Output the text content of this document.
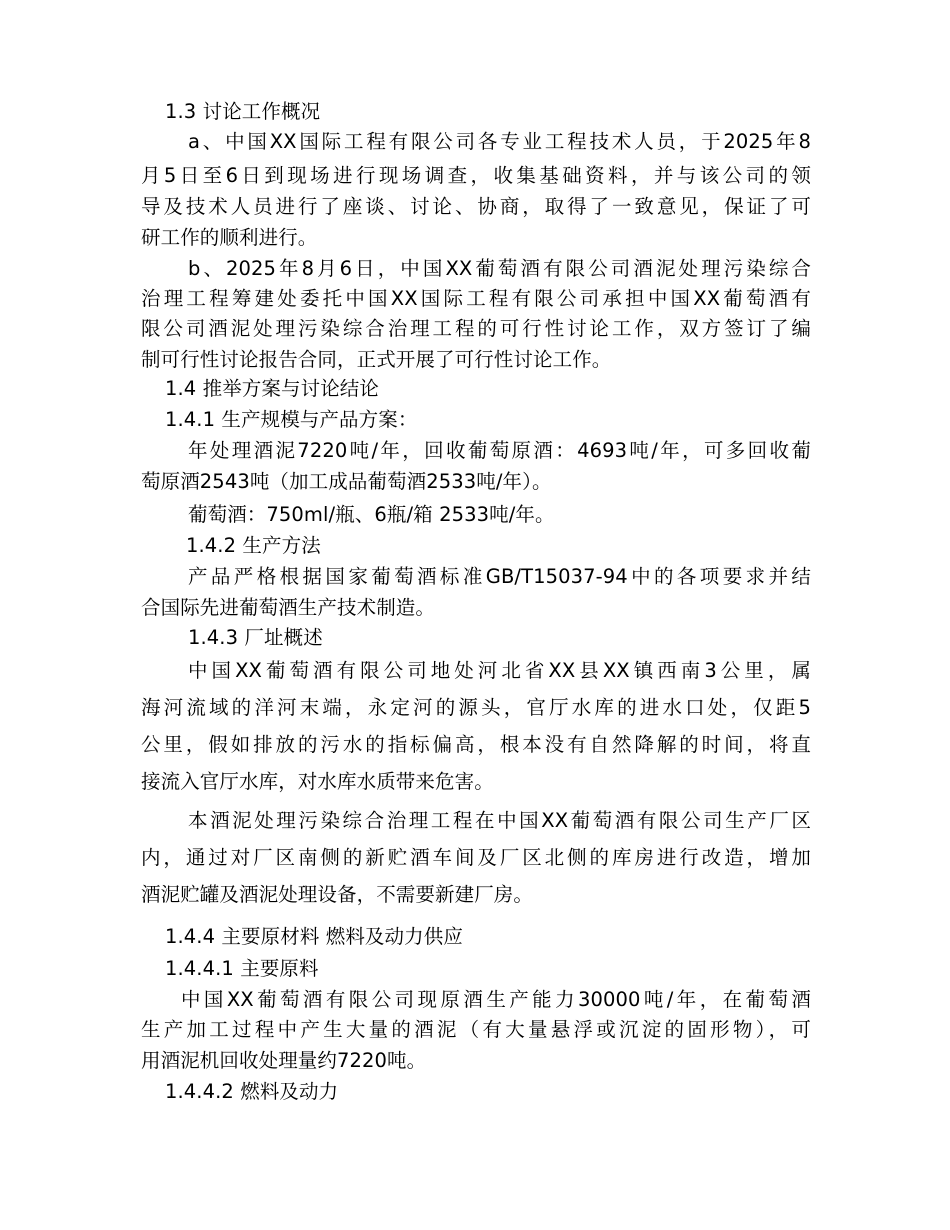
1.3 讨论工作概况
a、中国XX国际工程有限公司各专业工程技术人员，于2025年8
月5日至6日到现场进行现场调查，收集基础资料，并与该公司的领
导及技术人员进行了座谈、讨论、协商，取得了一致意见，保证了可
研工作的顺利进行。
b、2025年8月6日，中国XX葡萄酒有限公司酒泥处理污染综合
治理工程筹建处委托中国XX国际工程有限公司承担中国XX葡萄酒有
限公司酒泥处理污染综合治理工程的可行性讨论工作，双方签订了编
制可行性讨论报告合同，正式开展了可行性讨论工作。
1.4 推举方案与讨论结论
1.4.1 生产规模与产品方案：
年处理酒泥7220吨/年，回收葡萄原酒：4693吨/年，可多回收葡
萄原酒2543吨（加工成品葡萄酒2533吨/年）。
葡萄酒：750ml/瓶、6瓶/箱 2533吨/年。
1.4.2 生产方法
产品严格根据国家葡萄酒标准GB/T15037-94中的各项要求并结
合国际先进葡萄酒生产技术制造。
1.4.3 厂址概述
中国XX葡萄酒有限公司地处河北省XX县XX镇西南3公里，属
海河流域的洋河末端，永定河的源头，官厅水库的进水口处，仅距5
公里，假如排放的污水的指标偏高，根本没有自然降解的时间，将直
接流入官厅水库，对水库水质带来危害。
本酒泥处理污染综合治理工程在中国XX葡萄酒有限公司生产厂区
内，通过对厂区南侧的新贮酒车间及厂区北侧的库房进行改造，增加
酒泥贮罐及酒泥处理设备，不需要新建厂房。
1.4.4 主要原材料 燃料及动力供应
1.4.4.1 主要原料
中国XX葡萄酒有限公司现原酒生产能力30000吨/年，在葡萄酒
生产加工过程中产生大量的酒泥（有大量悬浮或沉淀的固形物），可
用酒泥机回收处理量约7220吨。
1.4.4.2 燃料及动力
